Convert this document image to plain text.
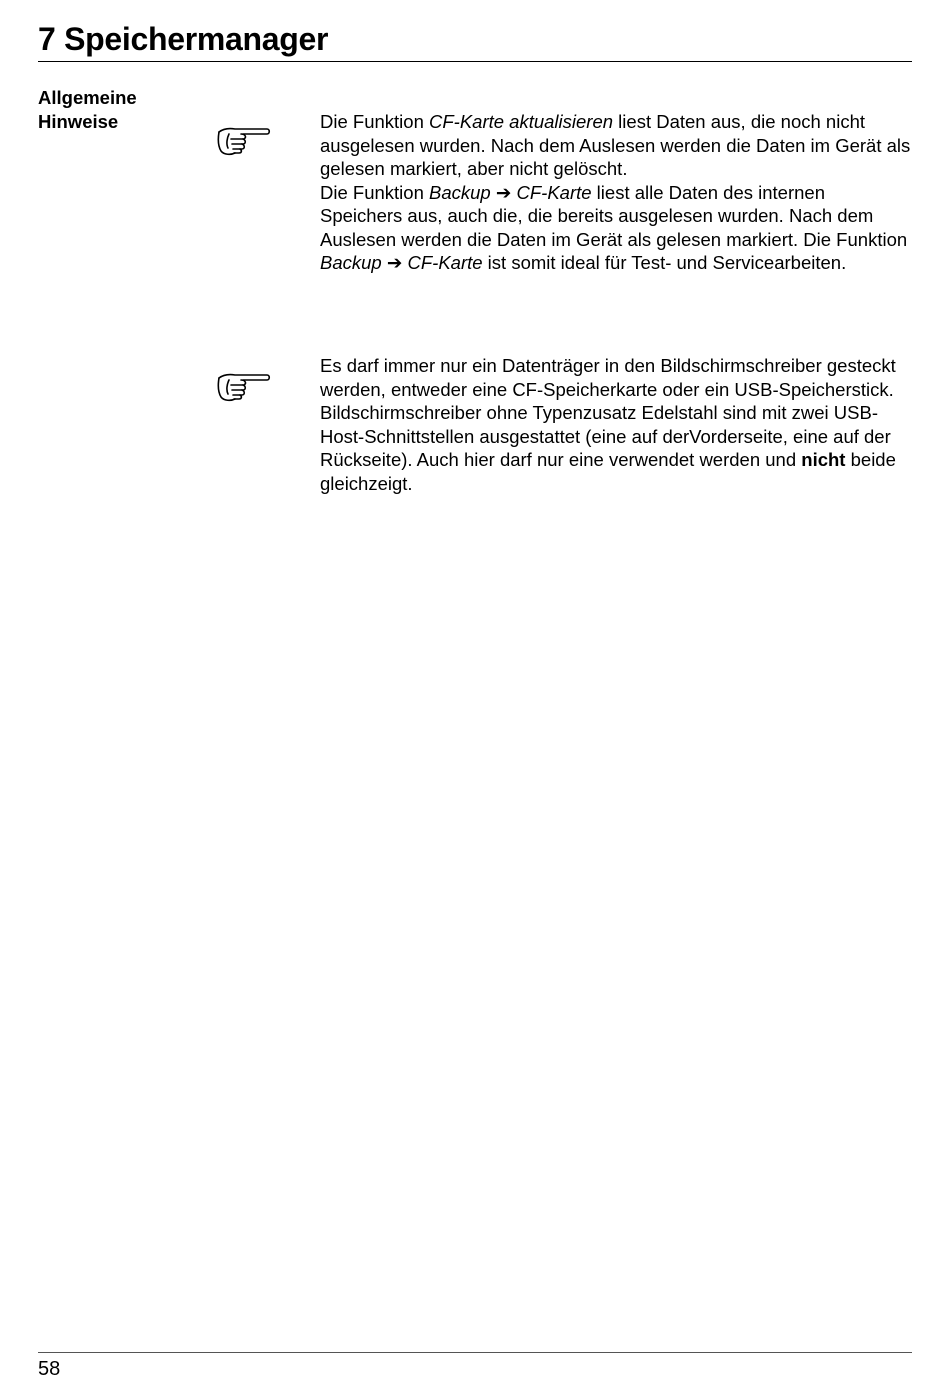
7 Speichermanager
Allgemeine
Hinweise	Die Funktion CF-Karte aktualisieren liest Daten aus, die noch nicht ausgelesen wurden. Nach dem Auslesen werden die Daten im Gerät als gelesen markiert, aber nicht gelöscht.

Die Funktion Backup ➔ CF-Karte liest alle Daten des internen Speichers aus, auch die, die bereits ausgelesen wurden. Nach dem Auslesen werden die Daten im Gerät als gelesen markiert. Die Funktion Backup ➔ CF-Karte ist somit ideal für Test- und Servicearbeiten.

Es darf immer nur ein Datenträger in den Bildschirmschreiber gesteckt werden, entweder eine CF-Speicherkarte oder ein USB-Speicherstick. Bildschirmschreiber ohne Typenzusatz Edelstahl sind mit zwei USB-Host-Schnittstellen ausgestattet (eine auf derVorderseite, eine auf der Rückseite). Auch hier darf nur eine verwendet werden und nicht beide gleichzeigt.

58
